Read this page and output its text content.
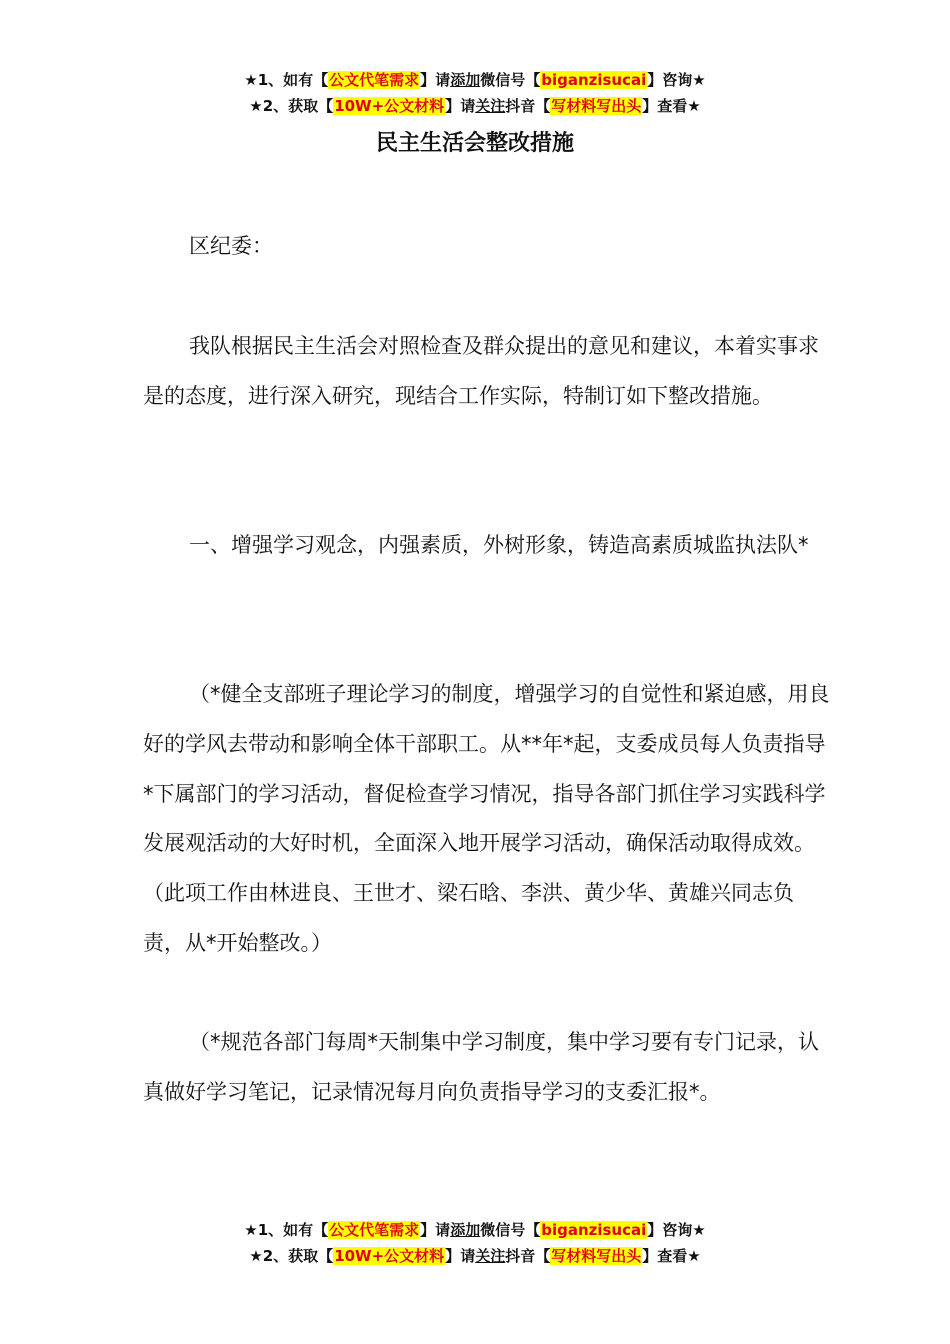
★1、如有【公文代笔需求】请添加微信号【biganzisucai】咨询★
★2、获取【10W+公文材料】请关注抖音【写材料写出头】查看★
民主生活会整改措施

区纪委：

我队根据民主生活会对照检查及群众提出的意见和建议，本着实事求是的态度，进行深入研究，现结合工作实际，特制订如下整改措施。

一、增强学习观念，内强素质，外树形象，铸造高素质城监执法队*

（*健全支部班子理论学习的制度，增强学习的自觉性和紧迫感，用良好的学风去带动和影响全体干部职工。从**年*起，支委成员每人负责指导*下属部门的学习活动，督促检查学习情况，指导各部门抓住学习实践科学发展观活动的大好时机，全面深入地开展学习活动，确保活动取得成效。（此项工作由林进良、王世才、梁石晗、李洪、黄少华、黄雄兴同志负责，从*开始整改。）

（*规范各部门每周*天制集中学习制度，集中学习要有专门记录，认真做好学习笔记，记录情况每月向负责指导学习的支委汇报*。

★1、如有【公文代笔需求】请添加微信号【biganzisucai】咨询★
★2、获取【10W+公文材料】请关注抖音【写材料写出头】查看★
